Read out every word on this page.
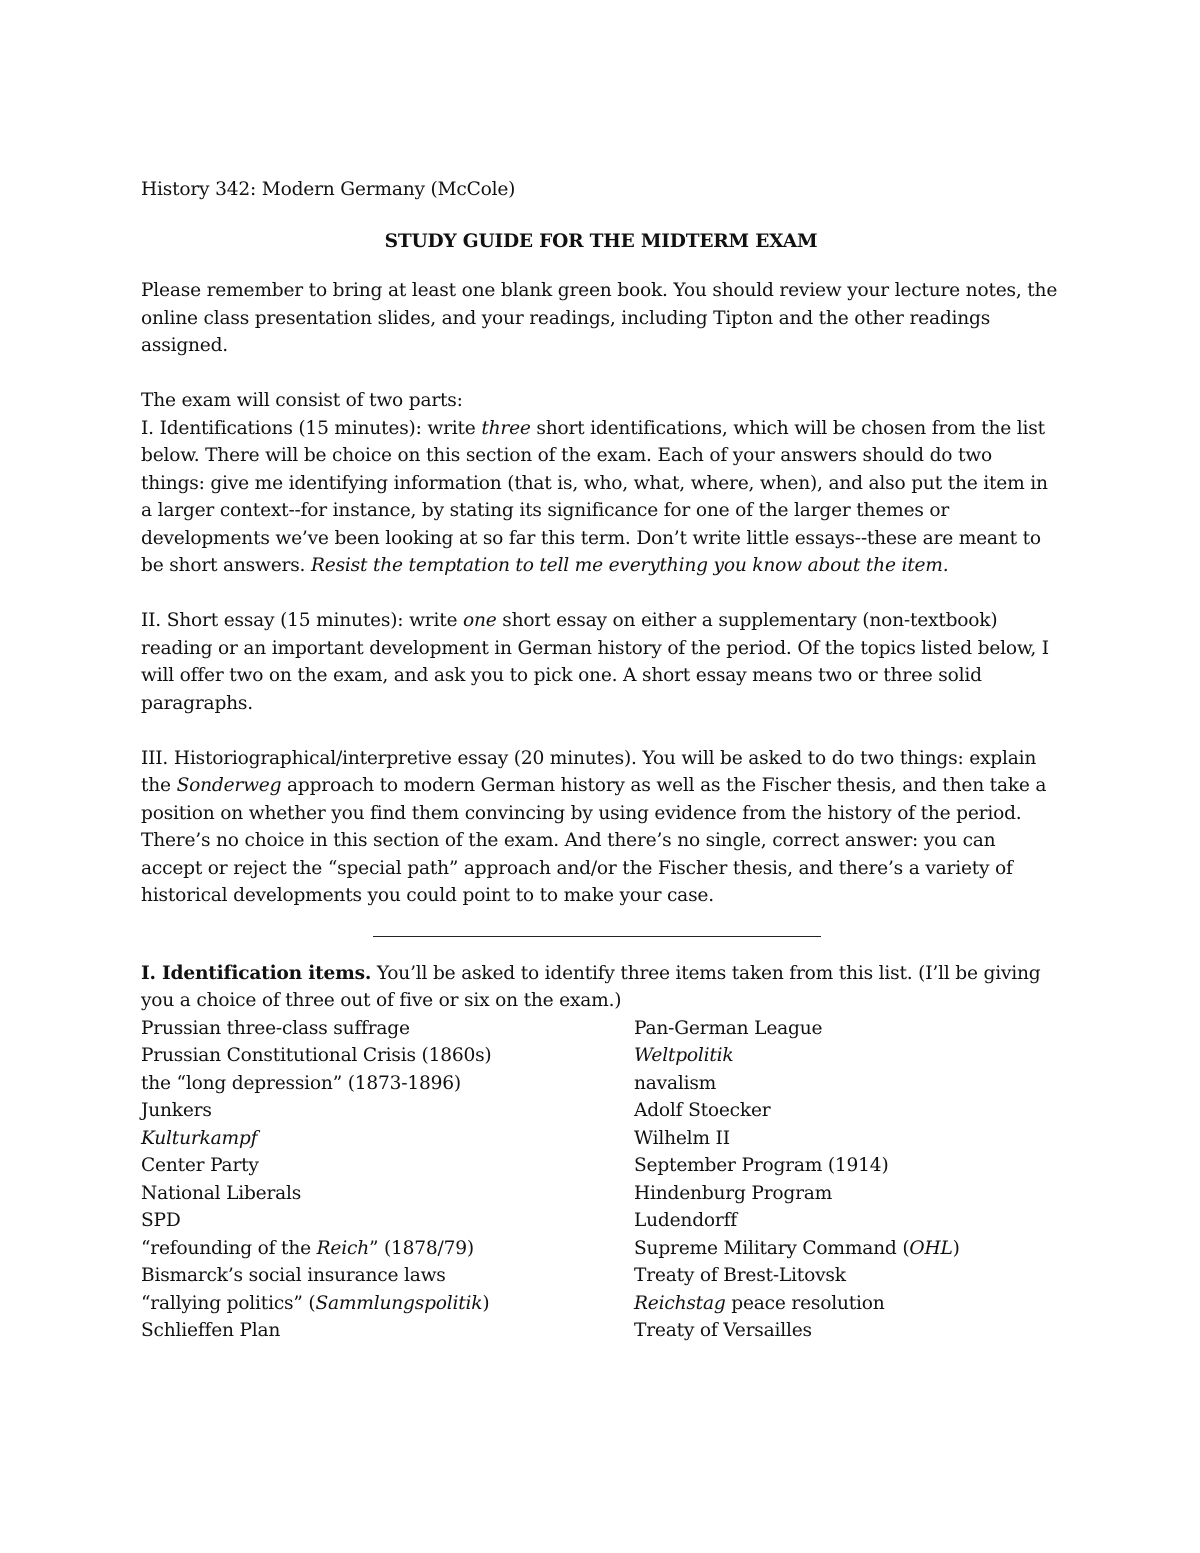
History 342: Modern Germany (McCole)

STUDY GUIDE FOR THE MIDTERM EXAM

Please remember to bring at least one blank green book. You should review your lecture notes, the online class presentation slides, and your readings, including Tipton and the other readings assigned.

The exam will consist of two parts:

I. Identifications (15 minutes): write three short identifications, which will be chosen from the list below. There will be choice on this section of the exam. Each of your answers should do two things: give me identifying information (that is, who, what, where, when), and also put the item in a larger context--for instance, by stating its significance for one of the larger themes or developments we’ve been looking at so far this term. Don’t write little essays--these are meant to be short answers. Resist the temptation to tell me everything you know about the item.

II. Short essay (15 minutes): write one short essay on either a supplementary (non-textbook) reading or an important development in German history of the period. Of the topics listed below, I will offer two on the exam, and ask you to pick one. A short essay means two or three solid paragraphs.

III. Historiographical/interpretive essay (20 minutes). You will be asked to do two things: explain the Sonderweg approach to modern German history as well as the Fischer thesis, and then take a position on whether you find them convincing by using evidence from the history of the period. There’s no choice in this section of the exam. And there’s no single, correct answer: you can accept or reject the “special path” approach and/or the Fischer thesis, and there’s a variety of historical developments you could point to to make your case.

I. Identification items. You’ll be asked to identify three items taken from this list. (I’ll be giving you a choice of three out of five or six on the exam.)

Prussian three-class suffrage
Prussian Constitutional Crisis (1860s)
the “long depression” (1873-1896)
Junkers
Kulturkampf
Center Party
National Liberals
SPD
“refounding of the Reich” (1878/79)
Bismarck’s social insurance laws
“rallying politics” (Sammlungspolitik)
Schlieffen Plan
Pan-German League
Weltpolitik
navalism
Adolf Stoecker
Wilhelm II
September Program (1914)
Hindenburg Program
Ludendorff
Supreme Military Command (OHL)
Treaty of Brest-Litovsk
Reichstag peace resolution
Treaty of Versailles
